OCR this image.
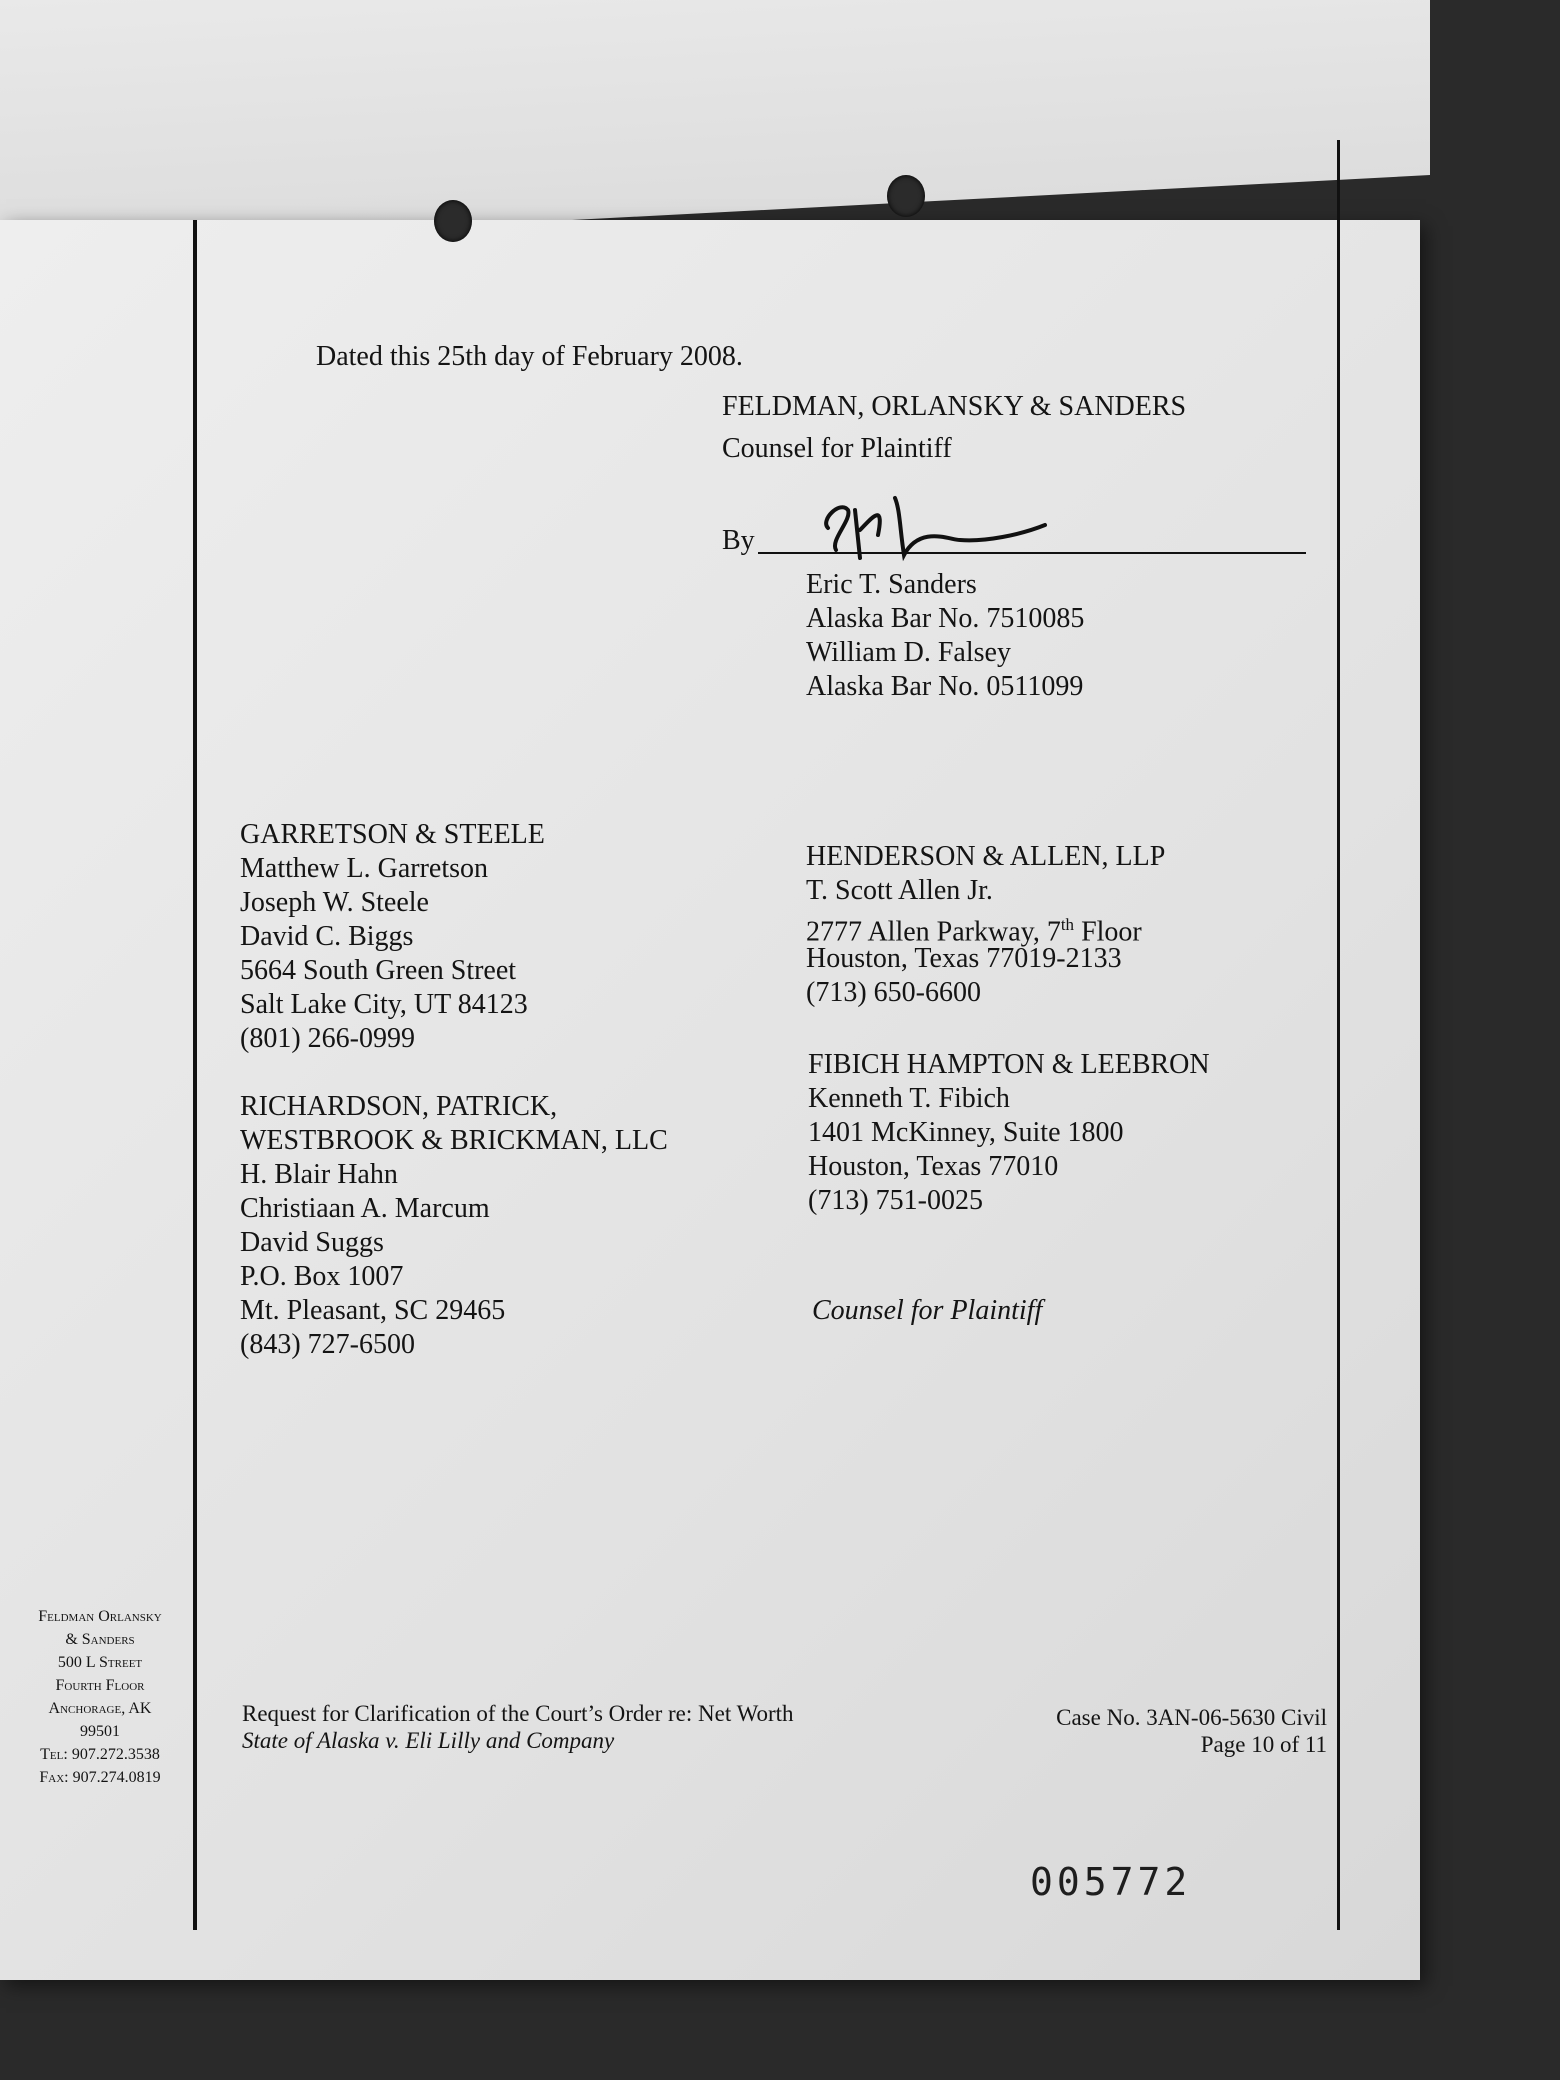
Dated this 25th day of February 2008.
FELDMAN, ORLANSKY & SANDERS
Counsel for Plaintiff
By
Eric T. Sanders
Alaska Bar No. 7510085
William D. Falsey
Alaska Bar No. 0511099
GARRETSON & STEELE
Matthew L. Garretson
Joseph W. Steele
David C. Biggs
5664 South Green Street
Salt Lake City, UT 84123
(801) 266-0999
RICHARDSON, PATRICK,
WESTBROOK & BRICKMAN, LLC
H. Blair Hahn
Christiaan A. Marcum
David Suggs
P.O. Box 1007
Mt. Pleasant, SC 29465
(843) 727-6500
HENDERSON & ALLEN, LLP
T. Scott Allen Jr.
2777 Allen Parkway, 7th Floor
Houston, Texas 77019-2133
(713) 650-6600
FIBICH HAMPTON & LEEBRON
Kenneth T. Fibich
1401 McKinney, Suite 1800
Houston, Texas 77010
(713) 751-0025
Counsel for Plaintiff
Feldman Orlansky
& Sanders
500 L Street
Fourth Floor
Anchorage, AK
99501
Tel: 907.272.3538
Fax: 907.274.0819
Request for Clarification of the Court’s Order re: Net Worth
State of Alaska v. Eli Lilly and Company
Case No. 3AN-06-5630 Civil
Page 10 of 11
005772
